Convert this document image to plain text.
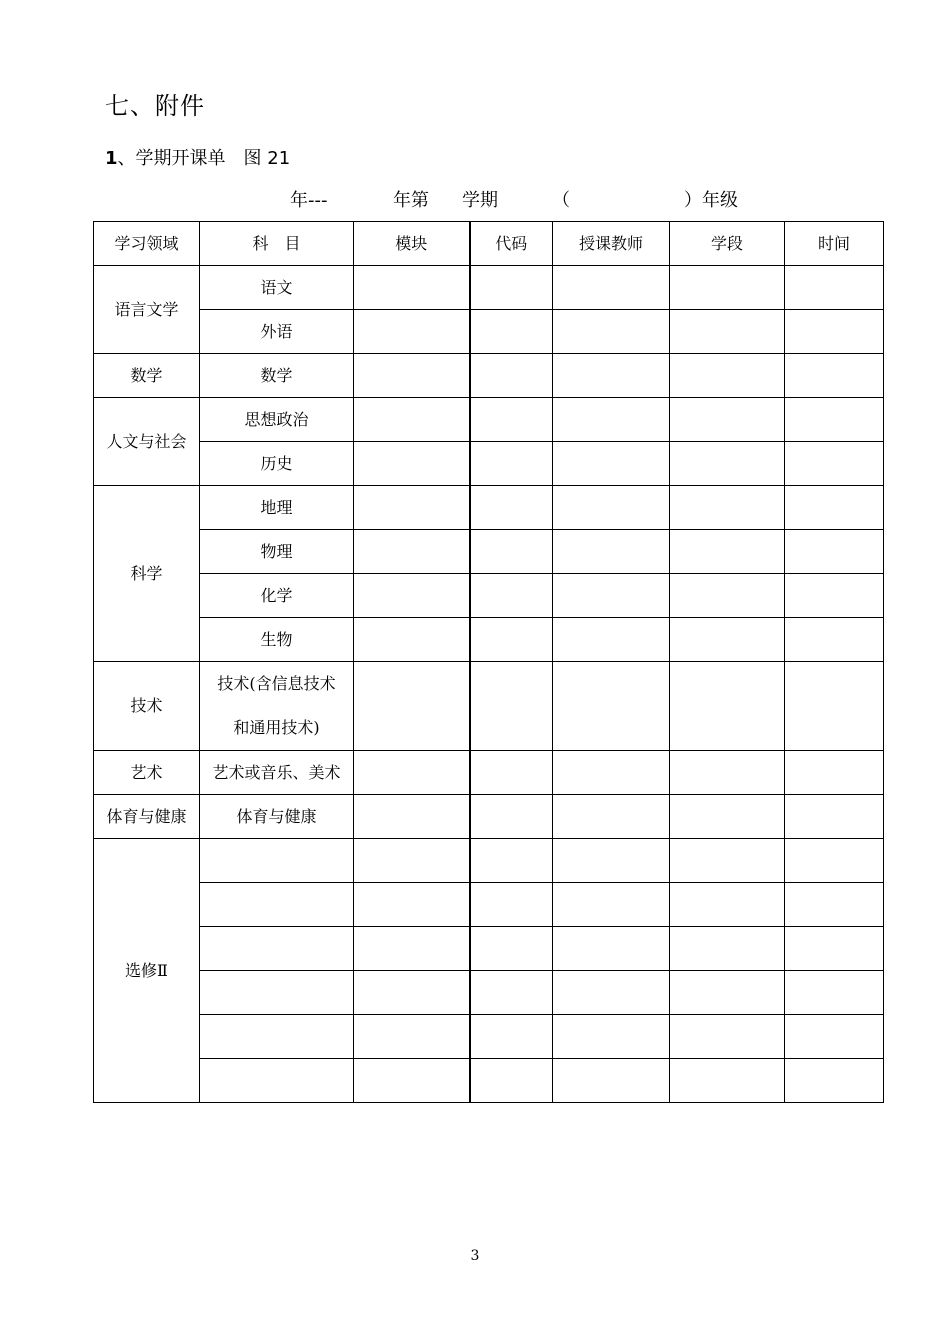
七、附件
1、学期开课单　图 21
年---	年第 学期	（	）年级
学习领域	科　目	模块	代码	授课教师	学段	时间
语言文学	语文					
	外语					
数学	数学					
人文与社会	思想政治					
	历史					
科学	地理					
	物理					
	化学					
	生物					
技术	技术(含信息技术
和通用技术)					

艺术	艺术或音乐、美术					
体育与健康	体育与健康					
选修Ⅱ						

3
